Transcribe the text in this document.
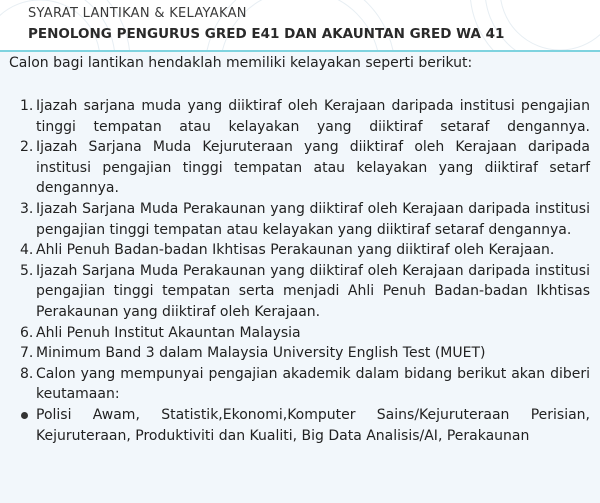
SYARAT LANTIKAN & KELAYAKAN
PENOLONG PENGURUS GRED E41 DAN AKAUNTAN GRED WA 41
Calon bagi lantikan hendaklah memiliki kelayakan seperti berikut:
1. Ijazah sarjana muda yang diiktiraf oleh Kerajaan daripada institusi pengajian tinggi tempatan atau kelayakan yang diiktiraf setaraf dengannya.
2. Ijazah Sarjana Muda Kejuruteraan yang diiktiraf oleh Kerajaan daripada institusi pengajian tinggi tempatan atau kelayakan yang diiktiraf setarf dengannya.
3. Ijazah Sarjana Muda Perakaunan yang diiktiraf oleh Kerajaan daripada institusi pengajian tinggi tempatan atau kelayakan yang diiktiraf setaraf dengannya.
4. Ahli Penuh Badan-badan Ikhtisas Perakaunan yang diiktiraf oleh Kerajaan.
5. Ijazah Sarjana Muda Perakaunan yang diiktiraf oleh Kerajaan daripada institusi pengajian tinggi tempatan serta menjadi Ahli Penuh Badan-badan Ikhtisas Perakaunan yang diiktiraf oleh Kerajaan.
6. Ahli Penuh Institut Akauntan Malaysia
7. Minimum Band 3 dalam Malaysia University English Test (MUET)
8. Calon yang mempunyai pengajian akademik dalam bidang berikut akan diberi keutamaan:
Polisi Awam, Statistik,Ekonomi,Komputer Sains/Kejuruteraan Perisian, Kejuruteraan, Produktiviti dan Kualiti, Big Data Analisis/AI, Perakaunan
